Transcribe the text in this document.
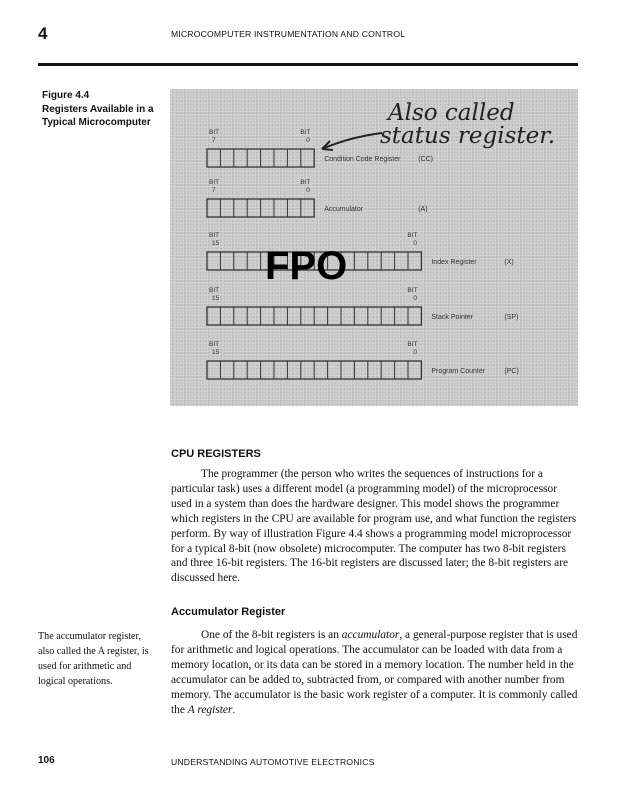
4	MICROCOMPUTER INSTRUMENTATION AND CONTROL
Figure 4.4
Registers Available in a Typical Microcomputer	Also called
status register.
BIT
7
BIT
0
Condition Code Register	(CC)
BIT
7
BIT
0
Accumulator	(A)
BIT
15
BIT
0
Index Register	(X)
BIT
15
BIT
0
Stack Pointer	(SP)
BIT
15
BIT
0
Program Counter	(PC)
FPO
CPU REGISTERS

The programmer (the person who writes the sequences of instructions for a particular task) uses a different model (a programming model) of the microprocessor used in a system than does the hardware designer. This model shows the programmer which registers in the CPU are available for program use, and what function the registers perform. By way of illustration Figure 4.4 shows a programming model microprocessor for a typical 8-bit (now obsolete) microcomputer. The computer has two 8-bit registers and three 16-bit registers. The 16-bit registers are discussed later; the 8-bit registers are discussed here.

Accumulator Register

One of the 8-bit registers is an accumulator, a general-purpose register that is used for arithmetic and logical operations. The accumulator can be loaded with data from a memory location, or its data can be stored in a memory location. The number held in the accumulator can be added to, subtracted from, or compared with another number from memory. The accumulator is the basic work register of a computer. It is commonly called the A register.

The accumulator register, also called the A register, is used for arithmetic and logical operations.

106	UNDERSTANDING AUTOMOTIVE ELECTRONICS
